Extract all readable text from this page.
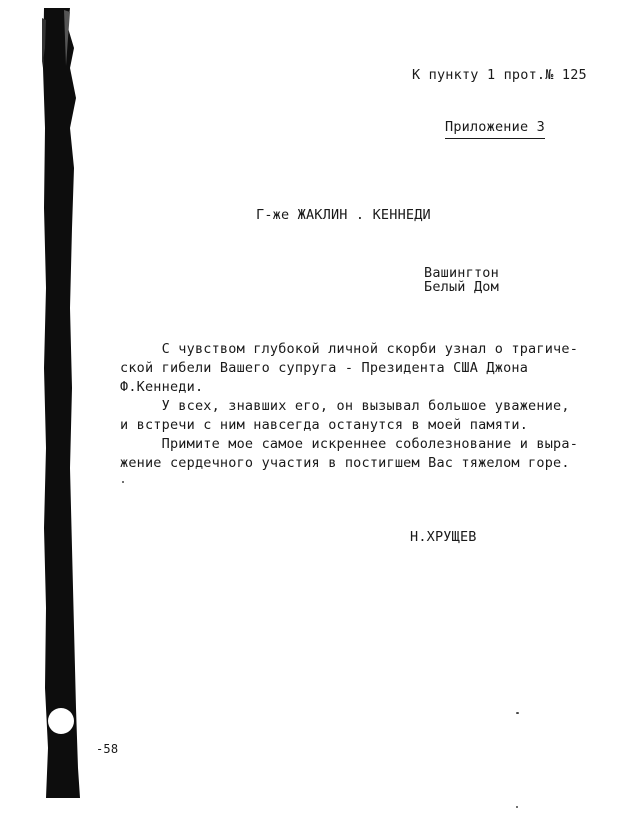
К пункту 1 прот.№ 125
Приложение 3
Г-же ЖАКЛИН . КЕННЕДИ
Вашингтон
Белый Дом
С чувством глубокой личной скорби узнал о трагиче-
ской гибели Вашего супруга - Президента США Джона
Ф.Кеннеди.
У всех, знавших его, он вызывал большое уважение,
и встречи с ним навсегда останутся в моей памяти.
Примите мое самое искреннее соболезнование и выра-
жение сердечного участия в постигшем Вас тяжелом горе.
Н.ХРУЩЕВ
-58
